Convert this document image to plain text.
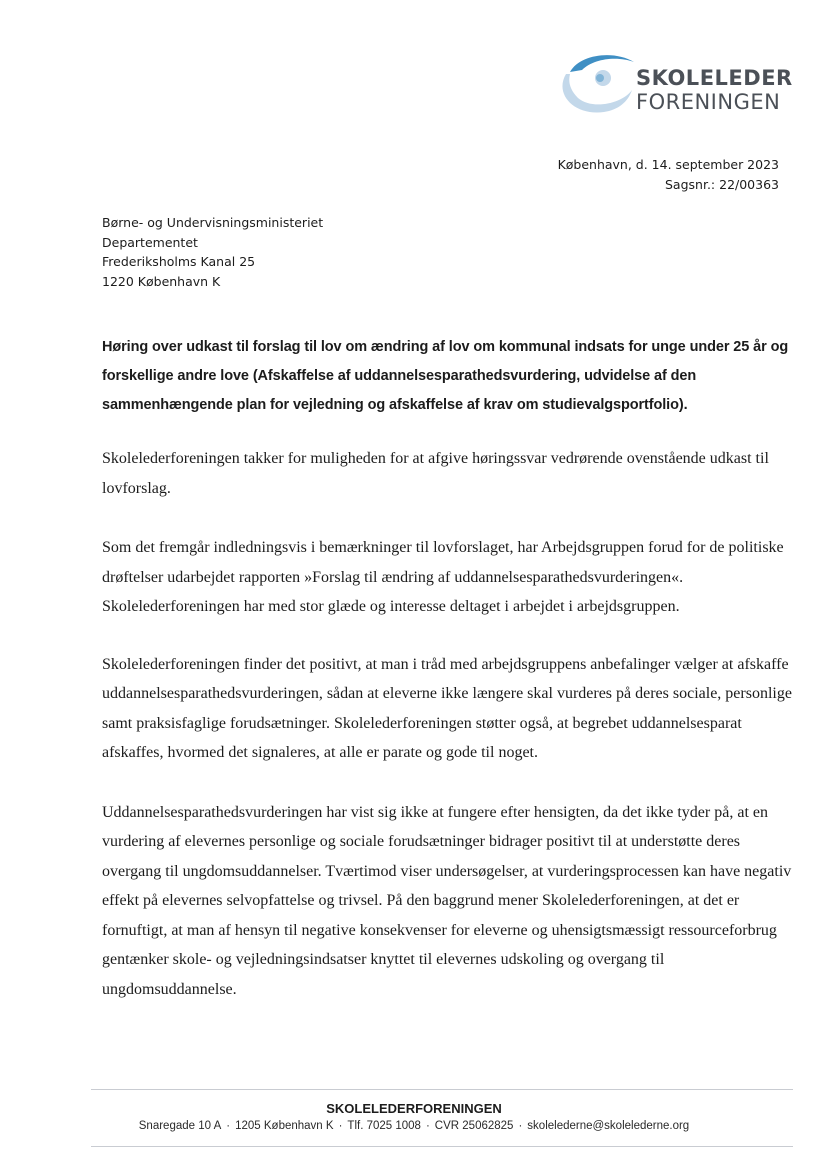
SKOLELEDER
FORENINGEN
København, d. 14. september 2023
Sagsnr.: 22/00363
Børne- og Undervisningsministeriet
Departementet
Frederiksholms Kanal 25
1220 København K
Høring over udkast til forslag til lov om ændring af lov om kommunal indsats for unge under 25 år og forskellige andre love (Afskaffelse af uddannelsesparathedsvurdering, udvidelse af den sammenhængende plan for vejledning og afskaffelse af krav om studievalgsportfolio).

Skolelederforeningen takker for muligheden for at afgive høringssvar vedrørende ovenstående udkast til lovforslag.

Som det fremgår indledningsvis i bemærkninger til lovforslaget, har Arbejdsgruppen forud for de politiske drøftelser udarbejdet rapporten »Forslag til ændring af uddannelsesparathedsvurderingen«. Skolelederforeningen har med stor glæde og interesse deltaget i arbejdet i arbejdsgruppen.

Skolelederforeningen finder det positivt, at man i tråd med arbejdsgruppens anbefalinger vælger at afskaffe uddannelsesparathedsvurderingen, sådan at eleverne ikke længere skal vurderes på deres sociale, personlige samt praksisfaglige forudsætninger. Skolelederforeningen støtter også, at begrebet uddannelsesparat afskaffes, hvormed det signaleres, at alle er parate og gode til noget.

Uddannelsesparathedsvurderingen har vist sig ikke at fungere efter hensigten, da det ikke tyder på, at en vurdering af elevernes personlige og sociale forudsætninger bidrager positivt til at understøtte deres overgang til ungdomsuddannelser. Tværtimod viser undersøgelser, at vurderingsprocessen kan have negativ effekt på elevernes selvopfattelse og trivsel. På den baggrund mener Skolelederforeningen, at det er fornuftigt, at man af hensyn til negative konsekvenser for eleverne og uhensigtsmæssigt ressourceforbrug gentænker skole- og vejledningsindsatser knyttet til elevernes udskoling og overgang til ungdomsuddannelse.

SKOLELEDERFORENINGEN
Snaregade 10 A · 1205 København K · Tlf. 7025 1008 · CVR 25062825 · skolelederne@skolelederne.org
